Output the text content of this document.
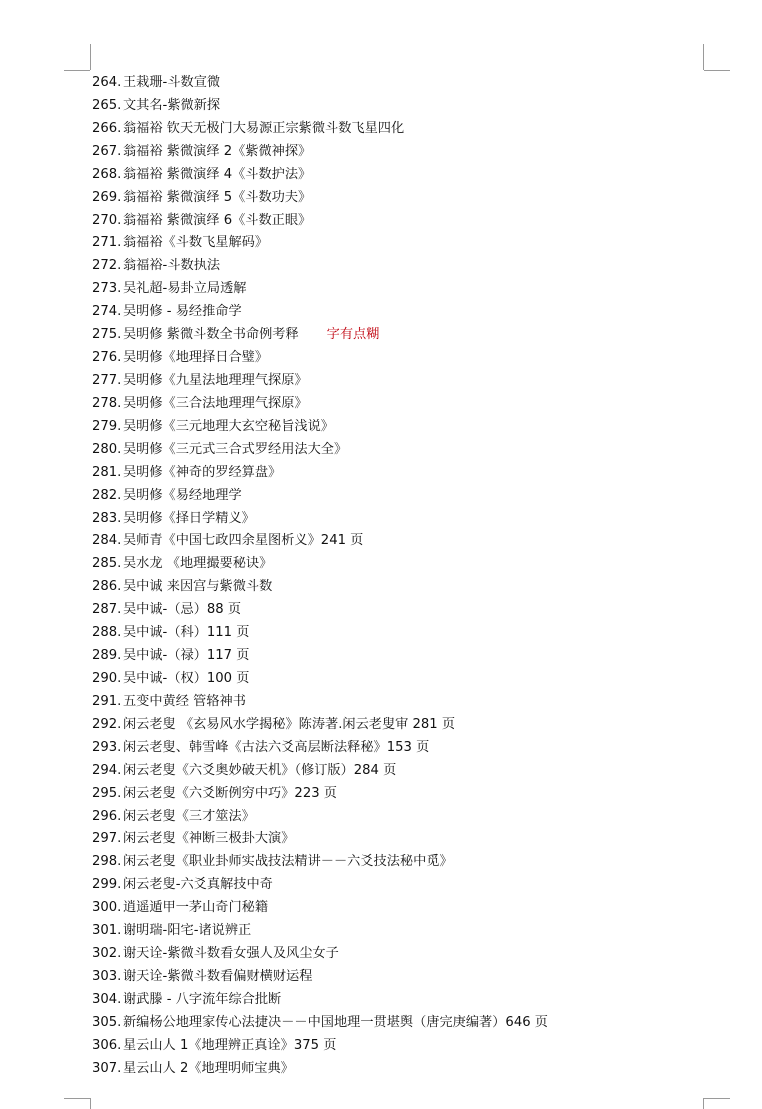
264. 王栽珊-斗数宣微
265. 文其名-紫微新探
266. 翁福裕 钦天无极门大易源正宗紫微斗数飞星四化
267. 翁福裕 紫微演绎 2《紫微神探》
268. 翁福裕 紫微演绎 4《斗数护法》
269. 翁福裕 紫微演绎 5《斗数功夫》
270. 翁福裕 紫微演绎 6《斗数正眼》
271. 翁福裕《斗数飞星解码》
272. 翁福裕-斗数执法
273. 吴礼超-易卦立局透解
274. 吴明修 - 易经推命学
275. 吴明修 紫微斗数全书命例考释 字有点糊
276. 吴明修《地理择日合璧》
277. 吴明修《九星法地理理气探原》
278. 吴明修《三合法地理理气探原》
279. 吴明修《三元地理大玄空秘旨浅说》
280. 吴明修《三元式三合式罗经用法大全》
281. 吴明修《神奇的罗经算盘》
282. 吴明修《易经地理学
283. 吴明修《择日学精义》
284. 吴师青《中国七政四余星图析义》241 页
285. 吴水龙 《地理撮要秘诀》
286. 吴中诚 来因宫与紫微斗数
287. 吴中诚-（忌）88 页
288. 吴中诚-（科）111 页
289. 吴中诚-（禄）117 页
290. 吴中诚-（权）100 页
291. 五变中黄经 管辂神书
292. 闲云老叟 《玄易风水学揭秘》陈涛著.闲云老叟审 281 页
293. 闲云老叟、韩雪峰《古法六爻高层断法释秘》153 页
294. 闲云老叟《六爻奥妙破天机》（修订版）284 页
295. 闲云老叟《六爻断例穷中巧》223 页
296. 闲云老叟《三才筮法》
297. 闲云老叟《神断三极卦大演》
298. 闲云老叟《职业卦师实战技法精讲－－六爻技法秘中觅》
299. 闲云老叟-六爻真解技中奇
300. 逍遥遁甲一茅山奇门秘籍
301. 谢明瑞-阳宅-诸说辨正
302. 谢天诠-紫微斗数看女强人及风尘女子
303. 谢天诠-紫微斗数看偏财横财运程
304. 谢武滕 - 八字流年综合批断
305. 新编杨公地理家传心法捷决－－中国地理一贯堪舆（唐完庚编著）646 页
306. 星云山人 1《地理辨正真诠》375 页
307. 星云山人 2《地理明师宝典》
